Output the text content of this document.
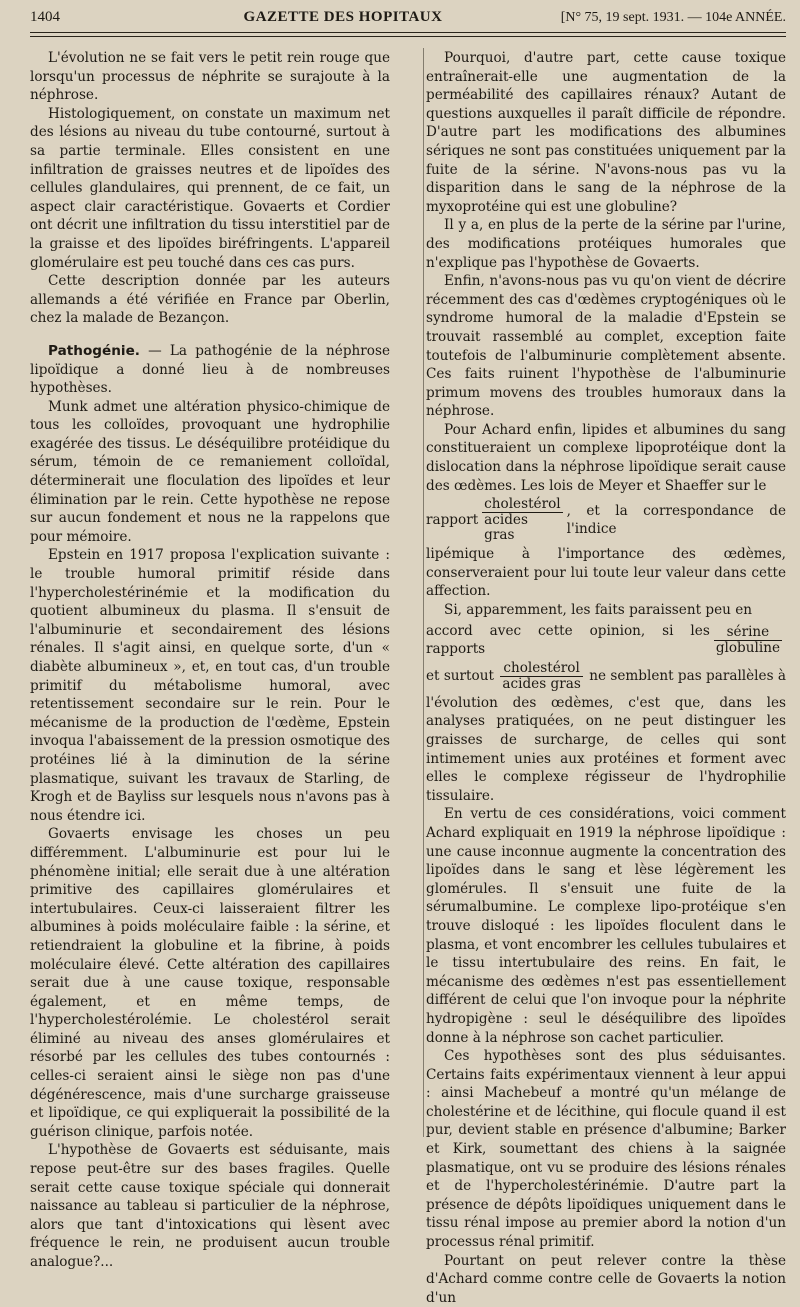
1404	GAZETTE DES HOPITAUX	[N° 75, 19 sept. 1931. — 104e ANNÉE.

L'évolution ne se fait vers le petit rein rouge que lorsqu'un processus de néphrite se surajoute à la néphrose.

Histologiquement, on constate un maximum net des lésions au niveau du tube contourné, surtout à sa partie terminale. Elles consistent en une infiltration de graisses neutres et de lipoïdes des cellules glandulaires, qui prennent, de ce fait, un aspect clair caractéristique. Govaerts et Cordier ont décrit une infiltration du tissu interstitiel par de la graisse et des lipoïdes biréfringents. L'appareil glomérulaire est peu touché dans ces cas purs.

Cette description donnée par les auteurs allemands a été vérifiée en France par Oberlin, chez la malade de Bezançon.

Pathogénie. — La pathogénie de la néphrose lipoïdique a donné lieu à de nombreuses hypothèses.

Munk admet une altération physico-chimique de tous les colloïdes, provoquant une hydrophilie exagérée des tissus. Le déséquilibre protéidique du sérum, témoin de ce remaniement colloïdal, déterminerait une floculation des lipoïdes et leur élimination par le rein. Cette hypothèse ne repose sur aucun fondement et nous ne la rappelons que pour mémoire.

Epstein en 1917 proposa l'explication suivante : le trouble humoral primitif réside dans l'hypercholestérinémie et la modification du quotient albumineux du plasma. Il s'ensuit de l'albuminurie et secondairement des lésions rénales. Il s'agit ainsi, en quelque sorte, d'un « diabète albumineux », et, en tout cas, d'un trouble primitif du métabolisme humoral, avec retentissement secondaire sur le rein. Pour le mécanisme de la production de l'œdème, Epstein invoqua l'abaissement de la pression osmotique des protéines lié à la diminution de la sérine plasmatique, suivant les travaux de Starling, de Krogh et de Bayliss sur lesquels nous n'avons pas à nous étendre ici.

Govaerts envisage les choses un peu différemment. L'albuminurie est pour lui le phénomène initial; elle serait due à une altération primitive des capillaires glomérulaires et intertubulaires. Ceux-ci laisseraient filtrer les albumines à poids moléculaire faible : la sérine, et retiendraient la globuline et la fibrine, à poids moléculaire élevé. Cette altération des capillaires serait due à une cause toxique, responsable également, et en même temps, de l'hypercholestérolémie. Le cholestérol serait éliminé au niveau des anses glomérulaires et résorbé par les cellules des tubes contournés : celles-ci seraient ainsi le siège non pas d'une dégénérescence, mais d'une surcharge graisseuse et lipoïdique, ce qui expliquerait la possibilité de la guérison clinique, parfois notée.

L'hypothèse de Govaerts est séduisante, mais repose peut-être sur des bases fragiles. Quelle serait cette cause toxique spéciale qui donnerait naissance au tableau si particulier de la néphrose, alors que tant d'intoxications qui lèsent avec fréquence le rein, ne produisent aucun trouble analogue?...

Pourquoi, d'autre part, cette cause toxique entraînerait-elle une augmentation de la perméabilité des capillaires rénaux? Autant de questions auxquelles il paraît difficile de répondre. D'autre part les modifications des albumines sériques ne sont pas constituées uniquement par la fuite de la sérine. N'avons-nous pas vu la disparition dans le sang de la néphrose de la myxoprotéine qui est une globuline?

Il y a, en plus de la perte de la sérine par l'urine, des modifications protéiques humorales que n'explique pas l'hypothèse de Govaerts.

Enfin, n'avons-nous pas vu qu'on vient de décrire récemment des cas d'œdèmes cryptogéniques où le syndrome humoral de la maladie d'Epstein se trouvait rassemblé au complet, exception faite toutefois de l'albuminurie complètement absente. Ces faits ruinent l'hypothèse de l'albuminurie primum movens des troubles humoraux dans la néphrose.

Pour Achard enfin, lipides et albumines du sang constitueraient un complexe lipoprotéique dont la dislocation dans la néphrose lipoïdique serait cause des œdèmes. Les lois de Meyer et Shaeffer sur le

rapport $\frac{\text{cholestérol}}{\text{acides gras}}$ , et la correspondance de l'indice

lipémique à l'importance des œdèmes, conserveraient pour lui toute leur valeur dans cette affection.

Si, apparemment, les faits paraissent peu en

accord avec cette opinion, si les rapports	$\frac{\text{sérine}}{\text{globuline}}$
et surtout $\frac{\text{cholestérol}}{\text{acides gras}}$ ne semblent pas parallèles à

l'évolution des œdèmes, c'est que, dans les analyses pratiquées, on ne peut distinguer les graisses de surcharge, de celles qui sont intimement unies aux protéines et forment avec elles le complexe régisseur de l'hydrophilie tissulaire.

En vertu de ces considérations, voici comment Achard expliquait en 1919 la néphrose lipoïdique : une cause inconnue augmente la concentration des lipoïdes dans le sang et lèse légèrement les glomérules. Il s'ensuit une fuite de la sérumalbumine. Le complexe lipo-protéique s'en trouve disloqué : les lipoïdes floculent dans le plasma, et vont encombrer les cellules tubulaires et le tissu intertubulaire des reins. En fait, le mécanisme des œdèmes n'est pas essentiellement différent de celui que l'on invoque pour la néphrite hydropigène : seul le déséquilibre des lipoïdes donne à la néphrose son cachet particulier.

Ces hypothèses sont des plus séduisantes. Certains faits expérimentaux viennent à leur appui : ainsi Machebeuf a montré qu'un mélange de cholestérine et de lécithine, qui flocule quand il est pur, devient stable en présence d'albumine; Barker et Kirk, soumettant des chiens à la saignée plasmatique, ont vu se produire des lésions rénales et de l'hypercholestérinémie. D'autre part la présence de dépôts lipoïdiques uniquement dans le tissu rénal impose au premier abord la notion d'un processus rénal primitif.

Pourtant on peut relever contre la thèse d'Achard comme contre celle de Govaerts la notion d'un
